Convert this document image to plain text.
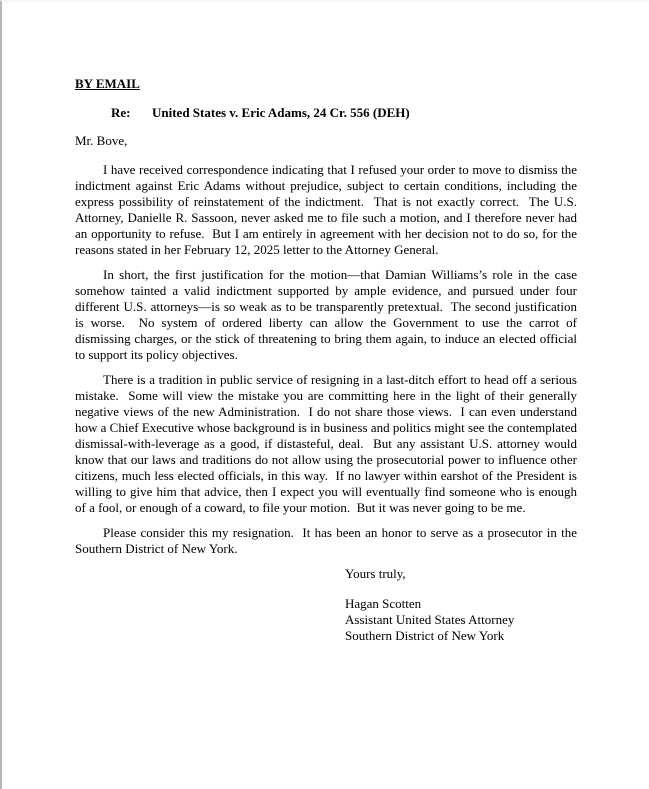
BY EMAIL
Re: United States v. Eric Adams, 24 Cr. 556 (DEH)
Mr. Bove,

I have received correspondence indicating that I refused your order to move to dismiss the indictment against Eric Adams without prejudice, subject to certain conditions, including the express possibility of reinstatement of the indictment.  That is not exactly correct.  The U.S. Attorney, Danielle R. Sassoon, never asked me to file such a motion, and I therefore never had an opportunity to refuse.  But I am entirely in agreement with her decision not to do so, for the reasons stated in her February 12, 2025 letter to the Attorney General.

In short, the first justification for the motion—that Damian Williams’s role in the case somehow tainted a valid indictment supported by ample evidence, and pursued under four different U.S. attorneys—is so weak as to be transparently pretextual.  The second justification is worse.  No system of ordered liberty can allow the Government to use the carrot of dismissing charges, or the stick of threatening to bring them again, to induce an elected official to support its policy objectives.

There is a tradition in public service of resigning in a last-ditch effort to head off a serious mistake.  Some will view the mistake you are committing here in the light of their generally negative views of the new Administration.  I do not share those views.  I can even understand how a Chief Executive whose background is in business and politics might see the contemplated dismissal-with-leverage as a good, if distasteful, deal.  But any assistant U.S. attorney would know that our laws and traditions do not allow using the prosecutorial power to influence other citizens, much less elected officials, in this way.  If no lawyer within earshot of the President is willing to give him that advice, then I expect you will eventually find someone who is enough of a fool, or enough of a coward, to file your motion.  But it was never going to be me.

Please consider this my resignation.  It has been an honor to serve as a prosecutor in the Southern District of New York.

Yours truly,
Hagan Scotten
Assistant United States Attorney
Southern District of New York
